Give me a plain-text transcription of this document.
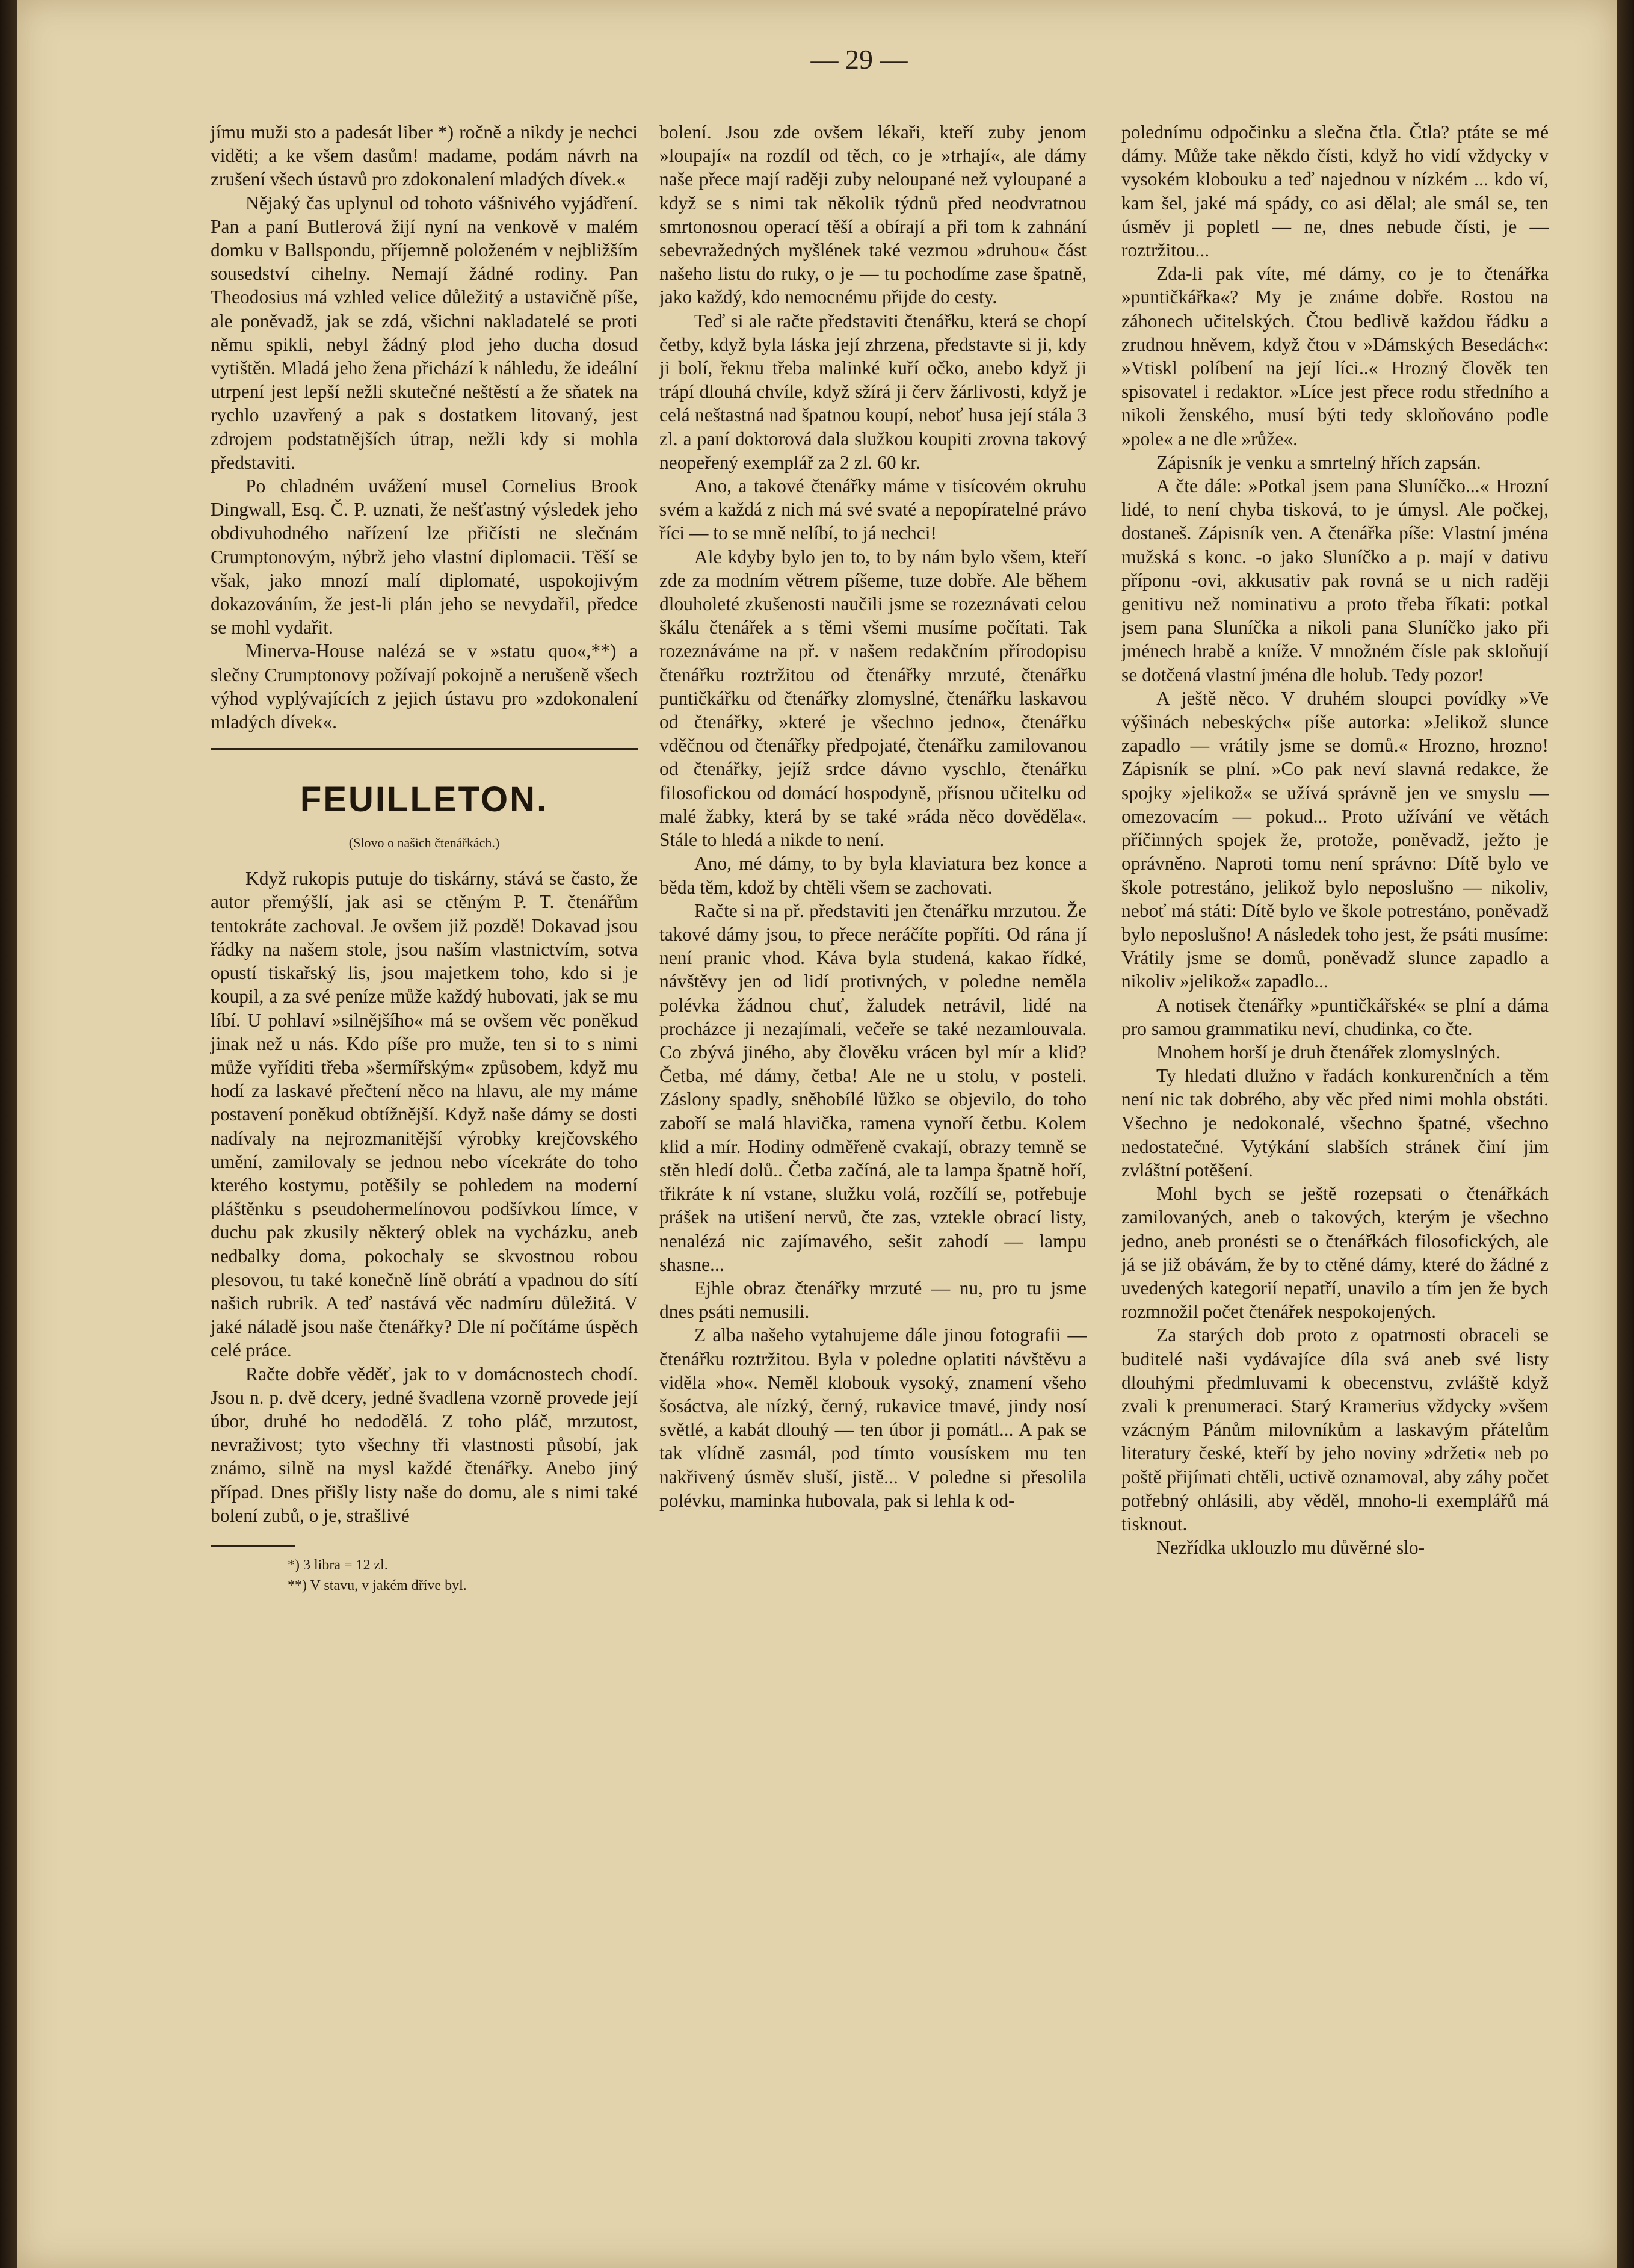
— 29 —

jímu muži sto a padesát liber *) ročně a nikdy je nechci viděti; a ke všem dasům! madame, podám návrh na zrušení všech ústavů pro zdokonalení mladých dívek.«

Nějaký čas uplynul od tohoto vášnivého vyjádření. Pan a paní Butlerová žijí nyní na venkově v malém domku v Ballspondu, příjemně položeném v nejbližším sousedství cihelny. Nemají žádné rodiny. Pan Theodosius má vzhled velice důležitý a ustavičně píše, ale poněvadž, jak se zdá, všichni nakladatelé se proti němu spikli, nebyl žádný plod jeho ducha dosud vytištěn. Mladá jeho žena přichází k náhledu, že ideální utrpení jest lepší nežli skutečné neštěstí a že sňatek na rychlo uzavřený a pak s dostatkem litovaný, jest zdrojem podstatnějších útrap, nežli kdy si mohla představiti.

Po chladném uvážení musel Cornelius Brook Dingwall, Esq. Č. P. uznati, že nešťastný výsledek jeho obdivuhodného nařízení lze přičísti ne slečnám Crumptonovým, nýbrž jeho vlastní diplomacii. Těší se však, jako mnozí malí diplomaté, uspokojivým dokazováním, že jest-li plán jeho se nevydařil, předce se mohl vydařit.

Minerva-House nalézá se v »statu quo«,**) a slečny Crumptonovy požívají pokojně a nerušeně všech výhod vyplývajících z jejich ústavu pro »zdokonalení mladých dívek«.

FEUILLETON.
(Slovo o našich čtenářkách.)

Když rukopis putuje do tiskárny, stává se často, že autor přemýšlí, jak asi se ctěným P. T. čtenářům tentokráte zachoval. Je ovšem již pozdě! Dokavad jsou řádky na našem stole, jsou naším vlastnictvím, sotva opustí tiskařský lis, jsou majetkem toho, kdo si je koupil, a za své peníze může každý hubovati, jak se mu líbí. U pohlaví »silnějšího« má se ovšem věc poněkud jinak než u nás. Kdo píše pro muže, ten si to s nimi může vyříditi třeba »šermířským« způsobem, když mu hodí za laskavé přečtení něco na hlavu, ale my máme postavení poněkud obtížnější. Když naše dámy se dosti nadívaly na nejrozmanitější výrobky krejčovského umění, zamilovaly se jednou nebo vícekráte do toho kterého kostymu, potěšily se pohledem na moderní pláštěnku s pseudohermelínovou podšívkou límce, v duchu pak zkusily některý oblek na vycházku, aneb nedbalky doma, pokochaly se skvostnou robou plesovou, tu také konečně líně obrátí a vpadnou do sítí našich rubrik. A teď nastává věc nadmíru důležitá. V jaké náladě jsou naše čtenářky? Dle ní počítáme úspěch celé práce.

Račte dobře věděť, jak to v domácnostech chodí. Jsou n. p. dvě dcery, jedné švadlena vzorně provede její úbor, druhé ho nedodělá. Z toho pláč, mrzutost, nevraživost; tyto všechny tři vlastnosti působí, jak známo, silně na mysl každé čtenářky. Anebo jiný případ. Dnes přišly listy naše do domu, ale s nimi také bolení zubů, o je, strašlivé

*) 3 libra = 12 zl.

**) V stavu, v jakém dříve byl.

bolení. Jsou zde ovšem lékaři, kteří zuby jenom »loupají« na rozdíl od těch, co je »trhají«, ale dámy naše přece mají raději zuby neloupané než vyloupané a když se s nimi tak několik týdnů před neodvratnou smrtonosnou operací těší a obírají a při tom k zahnání sebevražedných myšlének také vezmou »druhou« část našeho listu do ruky, o je — tu pochodíme zase špatně, jako každý, kdo nemocnému přijde do cesty.

Teď si ale račte představiti čtenářku, která se chopí četby, když byla láska její zhrzena, představte si ji, kdy ji bolí, řeknu třeba malinké kuří očko, anebo když ji trápí dlouhá chvíle, když sžírá ji červ žárlivosti, když je celá neštastná nad špatnou koupí, neboť husa její stála 3 zl. a paní doktorová dala služkou koupiti zrovna takový neopeřený exemplář za 2 zl. 60 kr.

Ano, a takové čtenářky máme v tisícovém okruhu svém a každá z nich má své svaté a nepopíratelné právo říci — to se mně nelíbí, to já nechci!

Ale kdyby bylo jen to, to by nám bylo všem, kteří zde za modním větrem píšeme, tuze dobře. Ale během dlouholeté zkušenosti naučili jsme se rozeznávati celou škálu čtenářek a s těmi všemi musíme počítati. Tak rozeznáváme na př. v našem redakčním přírodopisu čtenářku roztržitou od čtenářky mrzuté, čtenářku puntičkářku od čtenářky zlomyslné, čtenářku laskavou od čtenářky, »které je všechno jedno«, čtenářku vděčnou od čtenářky předpojaté, čtenářku zamilovanou od čtenářky, jejíž srdce dávno vyschlo, čtenářku filosofickou od domácí hospodyně, přísnou učitelku od malé žabky, která by se také »ráda něco dověděla«. Stále to hledá a nikde to není.

Ano, mé dámy, to by byla klaviatura bez konce a běda těm, kdož by chtěli všem se zachovati.

Račte si na př. představiti jen čtenářku mrzutou. Že takové dámy jsou, to přece neráčíte popříti. Od rána jí není pranic vhod. Káva byla studená, kakao řídké, návštěvy jen od lidí protivných, v poledne neměla polévka žádnou chuť, žaludek netrávil, lidé na procházce ji nezajímali, večeře se také nezamlouvala. Co zbývá jiného, aby člověku vrácen byl mír a klid? Četba, mé dámy, četba! Ale ne u stolu, v posteli. Záslony spadly, sněhobílé lůžko se objevilo, do toho zaboří se malá hlavička, ramena vynoří četbu. Kolem klid a mír. Hodiny odměřeně cvakají, obrazy temně se stěn hledí dolů.. Četba začíná, ale ta lampa špatně hoří, třikráte k ní vstane, služku volá, rozčílí se, potřebuje prášek na utišení nervů, čte zas, vztekle obrací listy, nenalézá nic zajímavého, sešit zahodí — lampu shasne...

Ejhle obraz čtenářky mrzuté — nu, pro tu jsme dnes psáti nemusili.

Z alba našeho vytahujeme dále jinou fotografii — čtenářku roztržitou. Byla v poledne oplatiti návštěvu a viděla »ho«. Neměl klobouk vysoký, znamení všeho šosáctva, ale nízký, černý, rukavice tmavé, jindy nosí světlé, a kabát dlouhý — ten úbor ji pomátl... A pak se tak vlídně zasmál, pod tímto vousískem mu ten nakřivený úsměv sluší, jistě... V poledne si přesolila polévku, maminka hubovala, pak si lehla k od-

polednímu odpočinku a slečna čtla. Čtla? ptáte se mé dámy. Může take někdo čísti, když ho vidí vždycky v vysokém klobouku a teď najednou v nízkém ... kdo ví, kam šel, jaké má spády, co asi dělal; ale smál se, ten úsměv ji popletl — ne, dnes nebude čísti, je — roztržitou...

Zda-li pak víte, mé dámy, co je to čtenářka »puntičkářka«? My je známe dobře. Rostou na záhonech učitelských. Čtou bedlivě každou řádku a zrudnou hněvem, když čtou v »Dámských Besedách«: »Vtiskl políbení na její líci..« Hrozný člověk ten spisovatel i redaktor. »Líce jest přece rodu středního a nikoli ženského, musí býti tedy skloňováno podle »pole« a ne dle »růže«.

Zápisník je venku a smrtelný hřích zapsán.

A čte dále: »Potkal jsem pana Sluníčko...« Hrozní lidé, to není chyba tisková, to je úmysl. Ale počkej, dostaneš. Zápisník ven. A čtenářka píše: Vlastní jména mužská s konc. -o jako Sluníčko a p. mají v dativu příponu -ovi, akkusativ pak rovná se u nich raději genitivu než nominativu a proto třeba říkati: potkal jsem pana Sluníčka a nikoli pana Sluníčko jako při jménech hrabě a kníže. V množném čísle pak skloňují se dotčená vlastní jména dle holub. Tedy pozor!

A ještě něco. V druhém sloupci povídky »Ve výšinách nebeských« píše autorka: »Jelikož slunce zapadlo — vrátily jsme se domů.« Hrozno, hrozno! Zápisník se plní. »Co pak neví slavná redakce, že spojky »jelikož« se užívá správně jen ve smyslu — omezovacím — pokud... Proto užívání ve větách příčinných spojek že, protože, poněvadž, ježto je oprávněno. Naproti tomu není správno: Dítě bylo ve škole potrestáno, jelikož bylo neposlušno — nikoliv, neboť má státi: Dítě bylo ve škole potrestáno, poněvadž bylo neposlušno! A následek toho jest, že psáti musíme: Vrátily jsme se domů, poněvadž slunce zapadlo a nikoliv »jelikož« zapadlo...

A notisek čtenářky »puntičkářské« se plní a dáma pro samou grammatiku neví, chudinka, co čte.

Mnohem horší je druh čtenářek zlomyslných.

Ty hledati dlužno v řadách konkurenčních a těm není nic tak dobrého, aby věc před nimi mohla obstáti. Všechno je nedokonalé, všechno špatné, všechno nedostatečné. Vytýkání slabších stránek činí jim zvláštní potěšení.

Mohl bych se ještě rozepsati o čtenářkách zamilovaných, aneb o takových, kterým je všechno jedno, aneb pronésti se o čtenářkách filosofických, ale já se již obávám, že by to ctěné dámy, které do žádné z uvedených kategorií nepatří, unavilo a tím jen že bych rozmnožil počet čtenářek nespokojených.

Za starých dob proto z opatrnosti obraceli se buditelé naši vydávajíce díla svá aneb své listy dlouhými předmluvami k obecenstvu, zvláště když zvali k prenumeraci. Starý Kramerius vždycky »všem vzácným Pánům milovníkům a laskavým přátelům literatury české, kteří by jeho noviny »držeti« neb po poště přijímati chtěli, uctivě oznamoval, aby záhy počet potřebný ohlásili, aby věděl, mnoho-li exemplářů má tisknout.

Nezřídka uklouzlo mu důvěrné slo-
